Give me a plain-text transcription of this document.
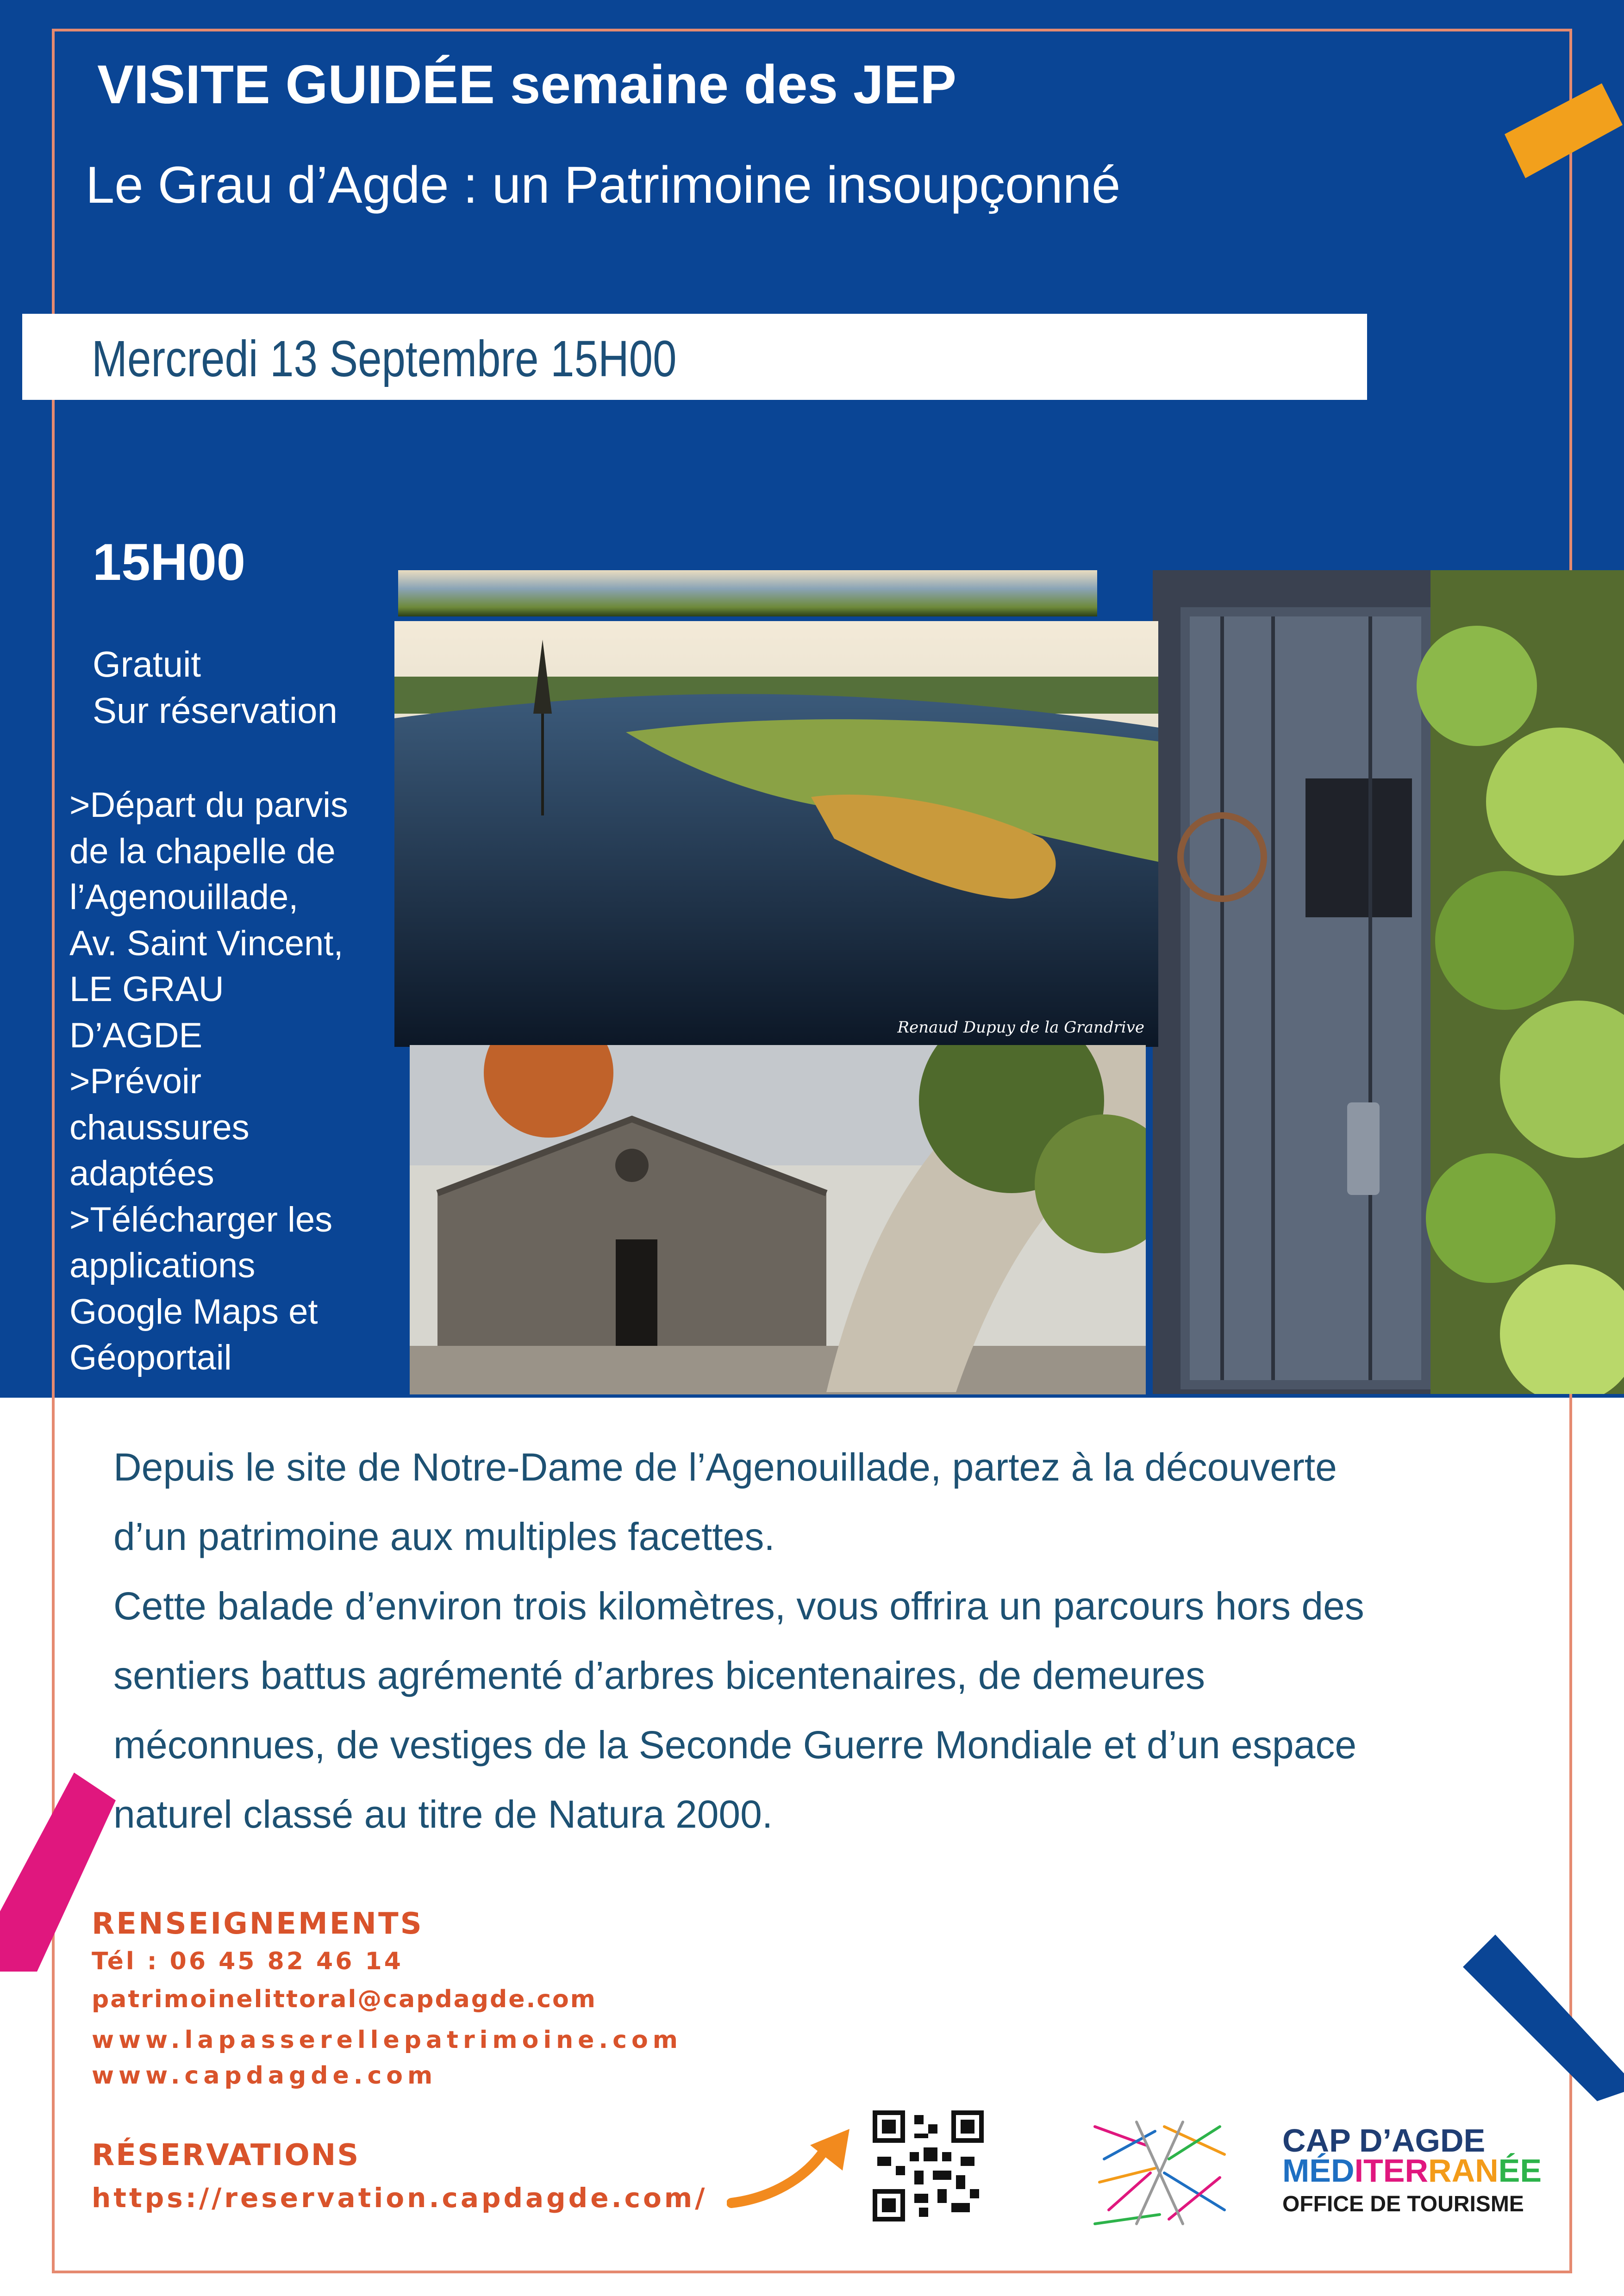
VISITE GUIDÉE semaine des JEP
Le Grau d’Agde : un Patrimoine insoupçonné
Mercredi 13 Septembre 15H00
15H00
Gratuit
Sur réservation
>Départ du parvis
de la chapelle de
l’Agenouillade,
Av. Saint Vincent,
LE GRAU
D’AGDE
>Prévoir
chaussures
adaptées
>Télécharger les
applications
Google Maps et
Géoportail
Renaud Dupuy de la Grandrive

Depuis le site de Notre-Dame de l’Agenouillade, partez à la découverte

d’un patrimoine aux multiples facettes.

Cette balade d’environ trois kilomètres, vous offrira un parcours hors des

sentiers battus agrémenté d’arbres bicentenaires, de demeures

méconnues, de vestiges de la Seconde Guerre Mondiale et d’un espace

naturel classé au titre de Natura 2000.

RENSEIGNEMENTS
Tél : 06 45 82 46 14
patrimoinelittoral@capdagde.com
www.lapasserellepatrimoine.com
www.capdagde.com
RÉSERVATIONS
https://reservation.capdagde.com/
CAP D’AGDE
MÉDITERRANÉE
OFFICE DE TOURISME
